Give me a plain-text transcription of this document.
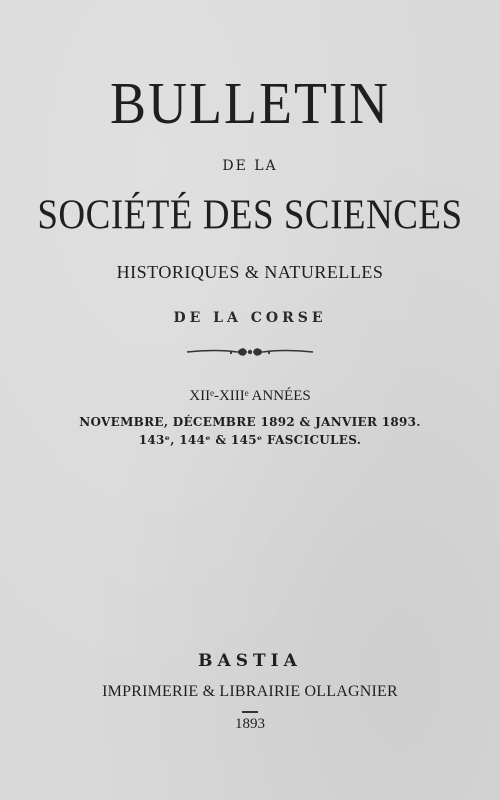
BULLETIN
DE LA
SOCIÉTÉ DES SCIENCES
HISTORIQUES & NATURELLES
DE LA CORSE
XIIᵉ-XIIIᵉ ANNÉES
NOVEMBRE, DÉCEMBRE 1892 & JANVIER 1893.
143ᵉ, 144ᵉ & 145ᵉ FASCICULES.
BASTIA
IMPRIMERIE & LIBRAIRIE OLLAGNIER
1893
